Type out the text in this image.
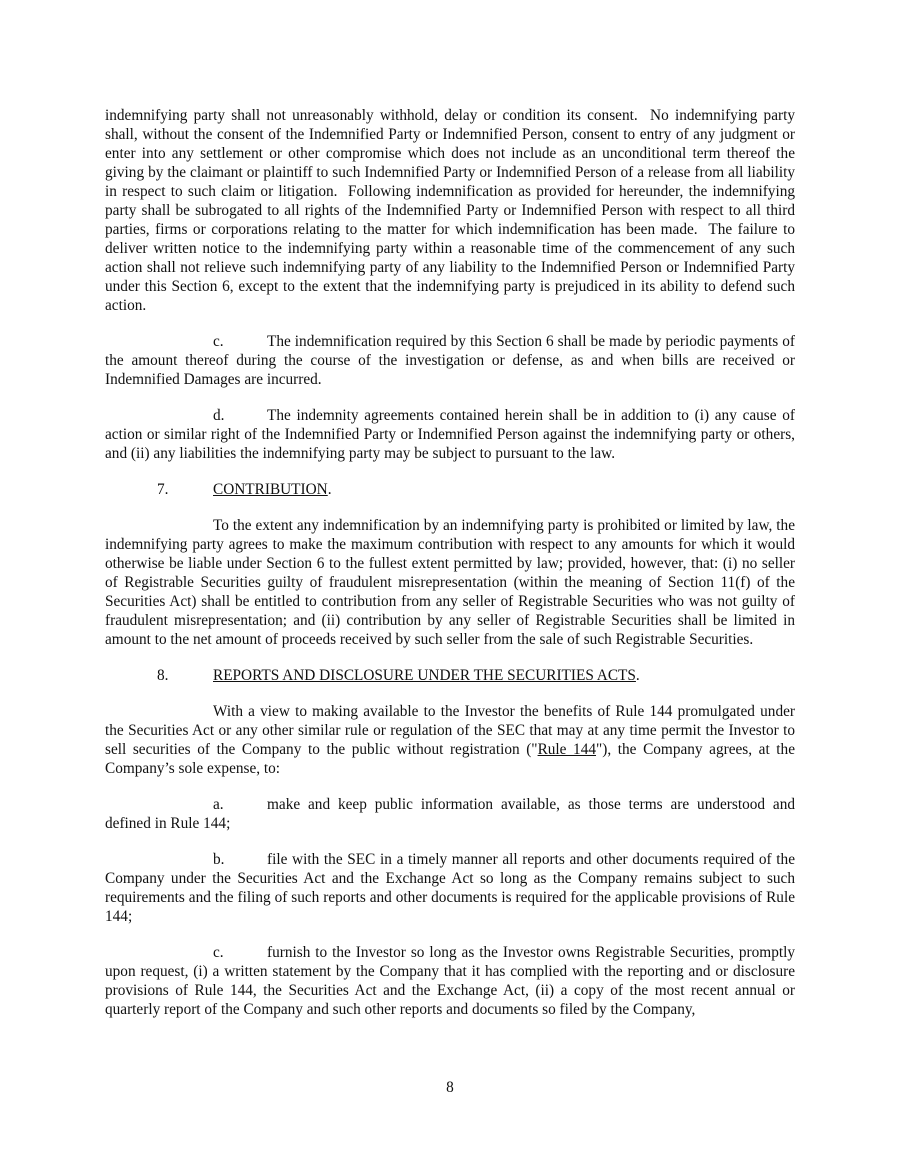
indemnifying party shall not unreasonably withhold, delay or condition its consent.  No indemnifying party shall, without the consent of the Indemnified Party or Indemnified Person, consent to entry of any judgment or enter into any settlement or other compromise which does not include as an unconditional term thereof the giving by the claimant or plaintiff to such Indemnified Party or Indemnified Person of a release from all liability in respect to such claim or litigation.  Following indemnification as provided for hereunder, the indemnifying party shall be subrogated to all rights of the Indemnified Party or Indemnified Person with respect to all third parties, firms or corporations relating to the matter for which indemnification has been made.  The failure to deliver written notice to the indemnifying party within a reasonable time of the commencement of any such action shall not relieve such indemnifying party of any liability to the Indemnified Person or Indemnified Party under this Section 6, except to the extent that the indemnifying party is prejudiced in its ability to defend such action.

c.	The indemnification required by this Section 6 shall be made by periodic payments of the amount thereof during the course of the investigation or defense, as and when bills are received or Indemnified Damages are incurred.

d.	The indemnity agreements contained herein shall be in addition to (i) any cause of action or similar right of the Indemnified Party or Indemnified Person against the indemnifying party or others, and (ii) any liabilities the indemnifying party may be subject to pursuant to the law.

7.	CONTRIBUTION.

To the extent any indemnification by an indemnifying party is prohibited or limited by law, the indemnifying party agrees to make the maximum contribution with respect to any amounts for which it would otherwise be liable under Section 6 to the fullest extent permitted by law; provided, however, that: (i) no seller of Registrable Securities guilty of fraudulent misrepresentation (within the meaning of Section 11(f) of the Securities Act) shall be entitled to contribution from any seller of Registrable Securities who was not guilty of fraudulent misrepresentation; and (ii) contribution by any seller of Registrable Securities shall be limited in amount to the net amount of proceeds received by such seller from the sale of such Registrable Securities.

8.	REPORTS AND DISCLOSURE UNDER THE SECURITIES ACTS.

With a view to making available to the Investor the benefits of Rule 144 promulgated under the Securities Act or any other similar rule or regulation of the SEC that may at any time permit the Investor to sell securities of the Company to the public without registration ("Rule 144"), the Company agrees, at the Company’s sole expense, to:

a.	make and keep public information available, as those terms are understood and defined in Rule 144;

b.	file with the SEC in a timely manner all reports and other documents required of the Company under the Securities Act and the Exchange Act so long as the Company remains subject to such requirements and the filing of such reports and other documents is required for the applicable provisions of Rule 144;

c.	furnish to the Investor so long as the Investor owns Registrable Securities, promptly upon request, (i) a written statement by the Company that it has complied with the reporting and or disclosure provisions of Rule 144, the Securities Act and the Exchange Act, (ii) a copy of the most recent annual or quarterly report of the Company and such other reports and documents so filed by the Company,

8
